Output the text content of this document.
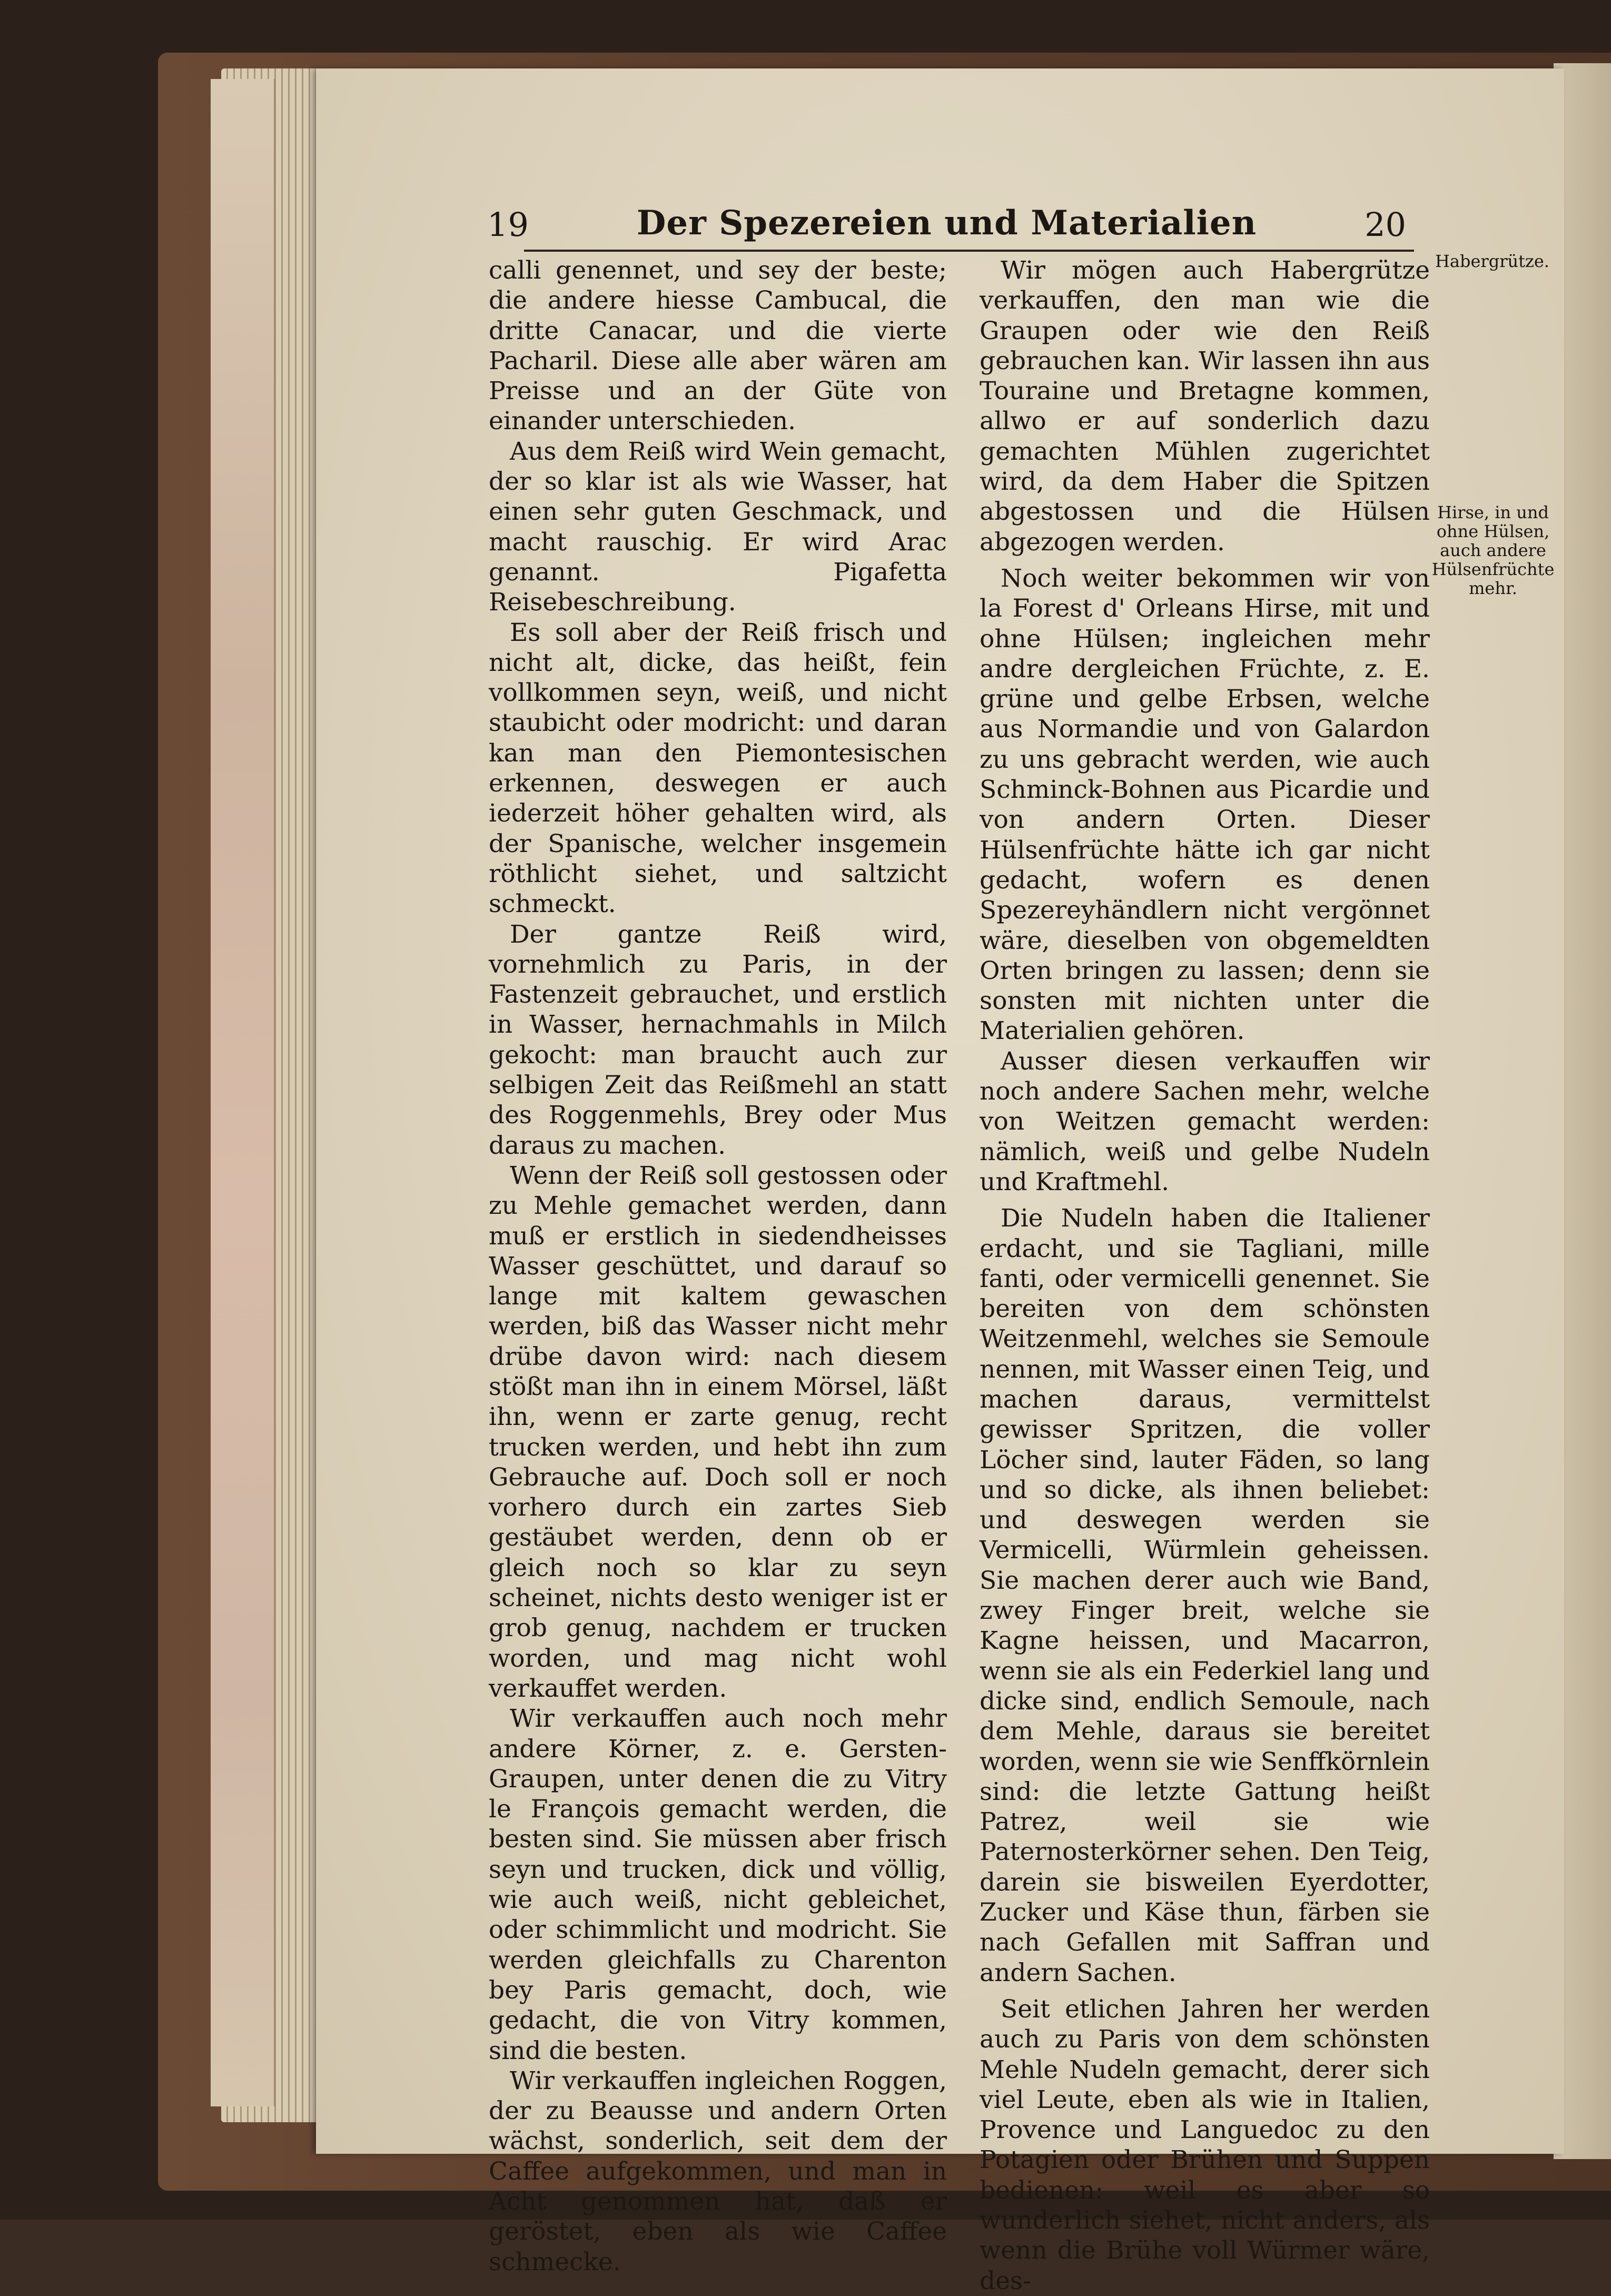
19	Der Spezereien und Materialien	20

calli genennet, und sey der beste; die andere hiesse Cambucal, die dritte Canacar, und die vierte Pacharil. Diese alle aber wären am Preisse und an der Güte von einander unterschieden.

Aus dem Reiß wird Wein gemacht, der so klar ist als wie Wasser, hat einen sehr guten Geschmack, und macht rauschig. Er wird Arac genannt. Pigafetta Reisebeschreibung.

Es soll aber der Reiß frisch und nicht alt, dicke, das heißt, fein vollkommen seyn, weiß, und nicht staubicht oder modricht: und daran kan man den Piemontesischen erkennen, deswegen er auch iederzeit höher gehalten wird, als der Spanische, welcher insgemein röthlicht siehet, und saltzicht schmeckt.

Der gantze Reiß wird, vornehmlich zu Paris, in der Fastenzeit gebrauchet, und erstlich in Wasser, hernachmahls in Milch gekocht: man braucht auch zur selbigen Zeit das Reißmehl an statt des Roggenmehls, Brey oder Mus daraus zu machen.

Wenn der Reiß soll gestossen oder zu Mehle gemachet werden, dann muß er erstlich in siedendheisses Wasser geschüttet, und darauf so lange mit kaltem gewaschen werden, biß das Wasser nicht mehr drübe davon wird: nach diesem stößt man ihn in einem Mörsel, läßt ihn, wenn er zarte genug, recht trucken werden, und hebt ihn zum Gebrauche auf. Doch soll er noch vorhero durch ein zartes Sieb gestäubet werden, denn ob er gleich noch so klar zu seyn scheinet, nichts desto weniger ist er grob genug, nachdem er trucken worden, und mag nicht wohl verkauffet werden.

Wir verkauffen auch noch mehr andere Körner, z. e. Gersten-Graupen, unter denen die zu Vitry le François gemacht werden, die besten sind. Sie müssen aber frisch seyn und trucken, dick und völlig, wie auch weiß, nicht gebleichet, oder schimmlicht und modricht. Sie werden gleichfalls zu Charenton bey Paris gemacht, doch, wie gedacht, die von Vitry kommen, sind die besten.

Wir verkauffen ingleichen Roggen, der zu Beausse und andern Orten wächst, sonderlich, seit dem der Caffee aufgekommen, und man in Acht genommen hat, daß er geröstet, eben als wie Caffee schmecke.

Wir mögen auch Habergrütze verkauffen, den man wie die Graupen oder wie den Reiß gebrauchen kan. Wir lassen ihn aus Touraine und Bretagne kommen, allwo er auf sonderlich dazu gemachten Mühlen zugerichtet wird, da dem Haber die Spitzen abgestossen und die Hülsen abgezogen werden.

Noch weiter bekommen wir von la Forest d' Orleans Hirse, mit und ohne Hülsen; ingleichen mehr andre dergleichen Früchte, z. E. grüne und gelbe Erbsen, welche aus Normandie und von Galardon zu uns gebracht werden, wie auch Schminck-Bohnen aus Picardie und von andern Orten. Dieser Hülsenfrüchte hätte ich gar nicht gedacht, wofern es denen Spezereyhändlern nicht vergönnet wäre, dieselben von obgemeldten Orten bringen zu lassen; denn sie sonsten mit nichten unter die Materialien gehören.

Ausser diesen verkauffen wir noch andere Sachen mehr, welche von Weitzen gemacht werden: nämlich, weiß und gelbe Nudeln und Kraftmehl.

Die Nudeln haben die Italiener erdacht, und sie Tagliani, mille fanti, oder vermicelli genennet. Sie bereiten von dem schönsten Weitzenmehl, welches sie Semoule nennen, mit Wasser einen Teig, und machen daraus, vermittelst gewisser Spritzen, die voller Löcher sind, lauter Fäden, so lang und so dicke, als ihnen beliebet: und deswegen werden sie Vermicelli, Würmlein geheissen. Sie machen derer auch wie Band, zwey Finger breit, welche sie Kagne heissen, und Macarron, wenn sie als ein Federkiel lang und dicke sind, endlich Semoule, nach dem Mehle, daraus sie bereitet worden, wenn sie wie Senffkörnlein sind: die letzte Gattung heißt Patrez, weil sie wie Paternosterkörner sehen. Den Teig, darein sie bisweilen Eyerdotter, Zucker und Käse thun, färben sie nach Gefallen mit Saffran und andern Sachen.

Seit etlichen Jahren her werden auch zu Paris von dem schönsten Mehle Nudeln gemacht, derer sich viel Leute, eben als wie in Italien, Provence und Languedoc zu den Potagien oder Brühen und Suppen bedienen: weil es aber so wunderlich siehet, nicht anders, als wenn die Brühe voll Würmer wäre, des-

Habergrütze.
Hirse, in und ohne Hülsen, auch andere Hülsenfrüchte mehr.
